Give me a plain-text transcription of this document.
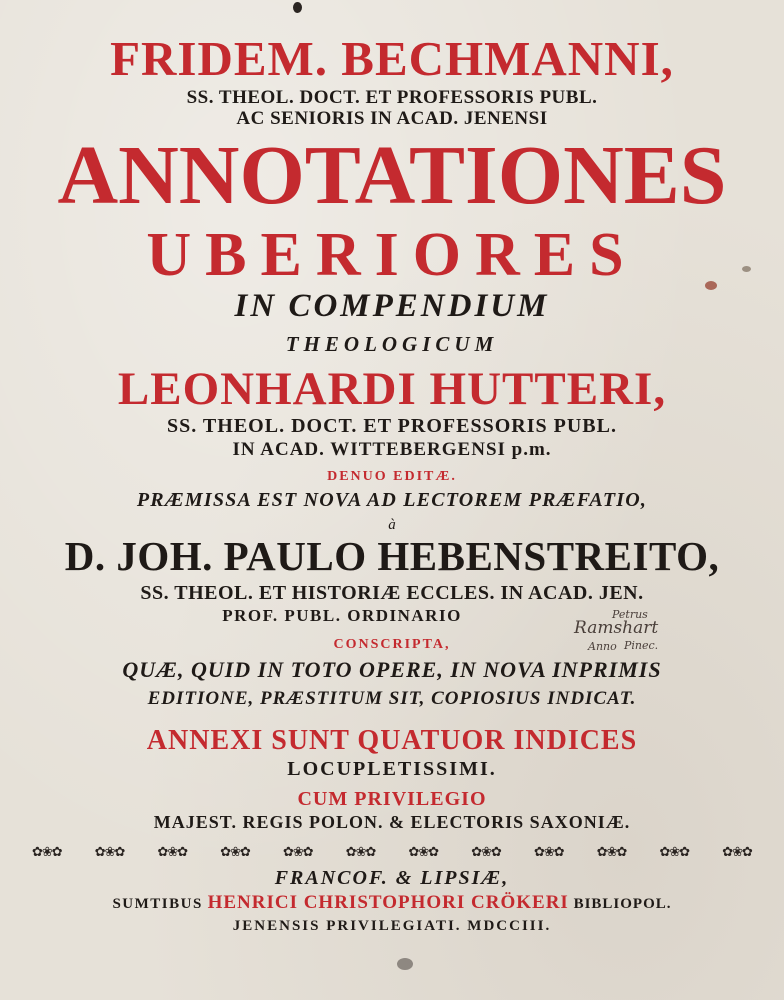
FRIDEM. BECHMANNI,
SS. THEOL. DOCT. ET PROFESSORIS PUBL.
AC SENIORIS IN ACAD. JENENSI
ANNOTATIONES
UBERIORES
IN COMPENDIUM
THEOLOGICUM
LEONHARDI HUTTERI,
SS. THEOL. DOCT. ET PROFESSORIS PUBL.
IN ACAD. WITTEBERGENSI p.m.
DENUO EDITÆ.
PRÆMISSA EST NOVA AD LECTOREM PRÆFATIO,
à
D. JOH. PAULO HEBENSTREITO,
SS. THEOL. ET HISTORIÆ ECCLES. IN ACAD. JEN.
PROF. PUBL. ORDINARIO	Petrus
Ramshart
Anno Pinec.
CONSCRIPTA,
QUÆ, QUID IN TOTO OPERE, IN NOVA INPRIMIS
EDITIONE, PRÆSTITUM SIT, COPIOSIUS INDICAT.
ANNEXI SUNT QUATUOR INDICES
LOCUPLETISSIMI.
CUM PRIVILEGIO
MAJEST. REGIS POLON. & ELECTORIS SAXONIÆ.
✿❀✿	✿❀✿	✿❀✿	✿❀✿	✿❀✿	✿❀✿	✿❀✿	✿❀✿	✿❀✿	✿❀✿	✿❀✿	✿❀✿
FRANCOF. & LIPSIÆ,
SUMTIBUS HENRICI CHRISTOPHORI CRÖKERI BIBLIOPOL.
JENENSIS PRIVILEGIATI. MDCCIII.
